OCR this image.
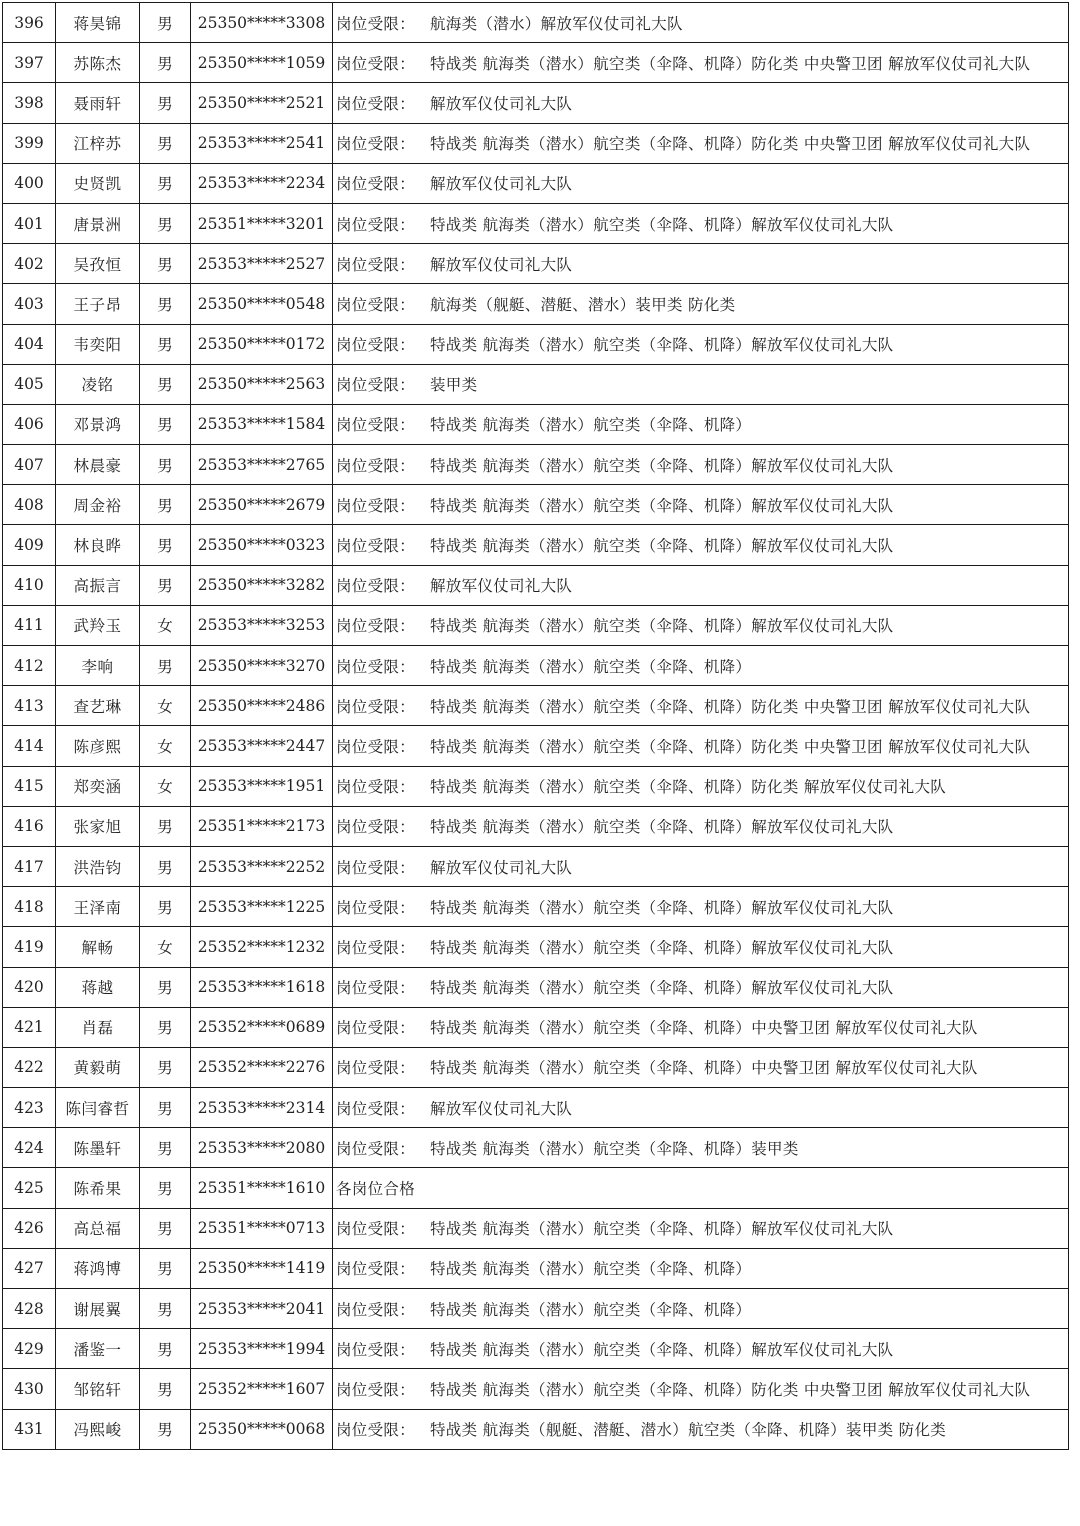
396	蒋昊锦	男	25350*****3308	岗位受限： 航海类（潜水）解放军仪仗司礼大队
397	苏陈杰	男	25350*****1059	岗位受限： 特战类 航海类（潜水）航空类（伞降、机降）防化类 中央警卫团 解放军仪仗司礼大队
398	聂雨轩	男	25350*****2521	岗位受限： 解放军仪仗司礼大队
399	江梓苏	男	25353*****2541	岗位受限： 特战类 航海类（潜水）航空类（伞降、机降）防化类 中央警卫团 解放军仪仗司礼大队
400	史贤凯	男	25353*****2234	岗位受限： 解放军仪仗司礼大队
401	唐景洲	男	25351*****3201	岗位受限： 特战类 航海类（潜水）航空类（伞降、机降）解放军仪仗司礼大队
402	吴孜恒	男	25353*****2527	岗位受限： 解放军仪仗司礼大队
403	王子昂	男	25350*****0548	岗位受限： 航海类（舰艇、潜艇、潜水）装甲类 防化类
404	韦奕阳	男	25350*****0172	岗位受限： 特战类 航海类（潜水）航空类（伞降、机降）解放军仪仗司礼大队
405	凌铭	男	25350*****2563	岗位受限： 装甲类
406	邓景鸿	男	25353*****1584	岗位受限： 特战类 航海类（潜水）航空类（伞降、机降）
407	林晨豪	男	25353*****2765	岗位受限： 特战类 航海类（潜水）航空类（伞降、机降）解放军仪仗司礼大队
408	周金裕	男	25350*****2679	岗位受限： 特战类 航海类（潜水）航空类（伞降、机降）解放军仪仗司礼大队
409	林良晔	男	25350*****0323	岗位受限： 特战类 航海类（潜水）航空类（伞降、机降）解放军仪仗司礼大队
410	高振言	男	25350*****3282	岗位受限： 解放军仪仗司礼大队
411	武羚玉	女	25353*****3253	岗位受限： 特战类 航海类（潜水）航空类（伞降、机降）解放军仪仗司礼大队
412	李响	男	25350*****3270	岗位受限： 特战类 航海类（潜水）航空类（伞降、机降）
413	查艺琳	女	25350*****2486	岗位受限： 特战类 航海类（潜水）航空类（伞降、机降）防化类 中央警卫团 解放军仪仗司礼大队
414	陈彦熙	女	25353*****2447	岗位受限： 特战类 航海类（潜水）航空类（伞降、机降）防化类 中央警卫团 解放军仪仗司礼大队
415	郑奕涵	女	25353*****1951	岗位受限： 特战类 航海类（潜水）航空类（伞降、机降）防化类 解放军仪仗司礼大队
416	张家旭	男	25351*****2173	岗位受限： 特战类 航海类（潜水）航空类（伞降、机降）解放军仪仗司礼大队
417	洪浩钧	男	25353*****2252	岗位受限： 解放军仪仗司礼大队
418	王泽南	男	25353*****1225	岗位受限： 特战类 航海类（潜水）航空类（伞降、机降）解放军仪仗司礼大队
419	解畅	女	25352*****1232	岗位受限： 特战类 航海类（潜水）航空类（伞降、机降）解放军仪仗司礼大队
420	蒋越	男	25353*****1618	岗位受限： 特战类 航海类（潜水）航空类（伞降、机降）解放军仪仗司礼大队
421	肖磊	男	25352*****0689	岗位受限： 特战类 航海类（潜水）航空类（伞降、机降）中央警卫团 解放军仪仗司礼大队
422	黄毅萌	男	25352*****2276	岗位受限： 特战类 航海类（潜水）航空类（伞降、机降）中央警卫团 解放军仪仗司礼大队
423	陈闫睿哲	男	25353*****2314	岗位受限： 解放军仪仗司礼大队
424	陈墨轩	男	25353*****2080	岗位受限： 特战类 航海类（潜水）航空类（伞降、机降）装甲类
425	陈希果	男	25351*****1610	各岗位合格
426	高总福	男	25351*****0713	岗位受限： 特战类 航海类（潜水）航空类（伞降、机降）解放军仪仗司礼大队
427	蒋鸿博	男	25350*****1419	岗位受限： 特战类 航海类（潜水）航空类（伞降、机降）
428	谢展翼	男	25353*****2041	岗位受限： 特战类 航海类（潜水）航空类（伞降、机降）
429	潘鉴一	男	25353*****1994	岗位受限： 特战类 航海类（潜水）航空类（伞降、机降）解放军仪仗司礼大队
430	邹铭轩	男	25352*****1607	岗位受限： 特战类 航海类（潜水）航空类（伞降、机降）防化类 中央警卫团 解放军仪仗司礼大队
431	冯熙峻	男	25350*****0068	岗位受限： 特战类 航海类（舰艇、潜艇、潜水）航空类（伞降、机降）装甲类 防化类
